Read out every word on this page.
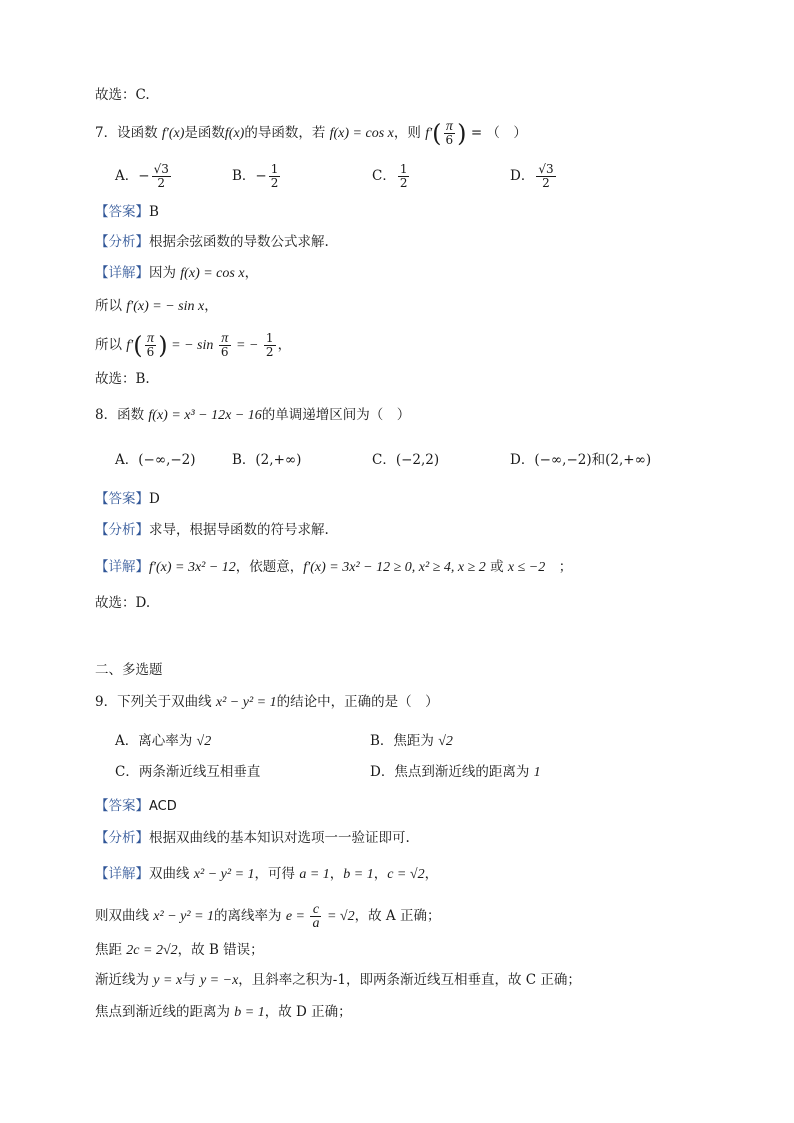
故选：C.
7．设函数 f′(x)是函数f(x)的导函数，若 f(x) = cos x，则 $f'( \frac{\pi}{6}$ ) = （　）
A．− $\frac{√3}{2}$	B．− $\frac{1}{2}$	C． $\frac{1}{2}$	D． $\frac{√3}{2}$
【答案】B
【分析】根据余弦函数的导数公式求解.
【详解】因为 f(x) = cos x，
所以 f′(x) = − sin x，
所以 $f'( \frac{\pi}{6}$ ) = − $\sin \frac{\pi}{6}$ = − $\frac{1}{2}$ ，
故选：B.
8．函数 f(x) = x³ − 12x − 16的单调递增区间为（　）
A．(−∞,−2)	B．(2,+∞)	C．(−2,2)	D．(−∞,−2)和(2,+∞)
【答案】D
【分析】求导，根据导函数的符号求解.
【详解】f′(x) = 3x² − 12，依题意，f′(x) = 3x² − 12 ≥ 0, x² ≥ 4, x ≥ 2 或 x ≤ −2　 ；
故选：D.
二、多选题
9．下列关于双曲线 x² − y² = 1的结论中，正确的是（　）
A．离心率为 √2	B．焦距为 √2
C．两条渐近线互相垂直	D．焦点到渐近线的距离为 1
【答案】ACD
【分析】根据双曲线的基本知识对选项一一验证即可.
【详解】双曲线 x² − y² = 1，可得 a = 1，b = 1，c = √2，
则双曲线 x² − y² = 1的离线率为 $e = \frac{c}{a} = √2$，故 A 正确；
焦距 2c = 2√2，故 B 错误；
渐近线为 y = x与 y = −x，且斜率之积为-1，即两条渐近线互相垂直，故 C 正确；
焦点到渐近线的距离为 b = 1，故 D 正确；
